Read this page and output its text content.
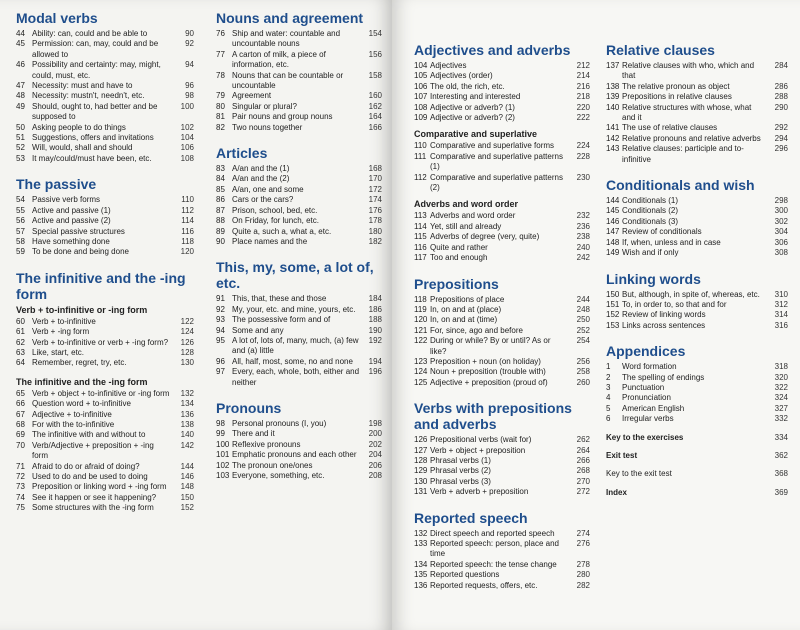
Modal verbs
44 Ability: can, could and be able to	90
45 Permission: can, may, could and be allowed to
92
46 Possibility and certainty: may, might, could, must, etc.
94
47 Necessity: must and have to	96
48 Necessity: mustn't, needn't, etc.	98
49 Should, ought to, had better and be supposed to
100
50 Asking people to do things	102
51 Suggestions, offers and invitations	104
52 Will, would, shall and should	106
53 It may/could/must have been, etc.	108
The passive
54 Passive verb forms	110
55 Active and passive (1)	112
56 Active and passive (2)	114
57 Special passive structures	116
58 Have something done	118
59 To be done and being done	120
The infinitive and the -ing form
Verb + to-infinitive or -ing form
60 Verb + to-infinitive	122
61 Verb + -ing form	124
62 Verb + to-infinitive or verb + -ing form?	126
63 Like, start, etc.	128
64 Remember, regret, try, etc.	130
The infinitive and the -ing form
65 Verb + object + to-infinitive or -ing form	132
66 Question word + to-infinitive	134
67 Adjective + to-infinitive	136
68 For with the to-infinitive	138
69 The infinitive with and without to	140
70 Verb/Adjective + preposition + -ing form
142
71 Afraid to do or afraid of doing?	144
72 Used to do and be used to doing	146
73 Preposition or linking word + -ing form	148
74 See it happen or see it happening?	150
75 Some structures with the -ing form	152
Nouns and agreement
76 Ship and water: countable and uncountable nouns
154
77 A carton of milk, a piece of information, etc.
156
78 Nouns that can be countable or uncountable
158
79 Agreement	160
80 Singular or plural?	162
81 Pair nouns and group nouns	164
82 Two nouns together	166
Articles
83 A/an and the (1)	168
84 A/an and the (2)	170
85 A/an, one and some	172
86 Cars or the cars?	174
87 Prison, school, bed, etc.	176
88 On Friday, for lunch, etc.	178
89 Quite a, such a, what a, etc.	180
90 Place names and the	182
This, my, some, a lot of, etc.
91 This, that, these and those	184
92 My, your, etc. and mine, yours, etc.	186
93 The possessive form and of	188
94 Some and any	190
95 A lot of, lots of, many, much, (a) few and (a) little
192
96 All, half, most, some, no and none	194
97 Every, each, whole, both, either and neither
196
Pronouns
98 Personal pronouns (I, you)	198
99 There and it	200
100 Reflexive pronouns	202
101 Emphatic pronouns and each other	204
102 The pronoun one/ones	206
103 Everyone, something, etc.	208
Adjectives and adverbs
104 Adjectives	212
105 Adjectives (order)	214
106 The old, the rich, etc.	216
107 Interesting and interested	218
108 Adjective or adverb? (1)	220
109 Adjective or adverb? (2)	222
Comparative and superlative
110 Comparative and superlative forms	224
111 Comparative and superlative patterns (1)
228
112 Comparative and superlative patterns (2)
230
Adverbs and word order
113 Adverbs and word order	232
114 Yet, still and already	236
115 Adverbs of degree (very, quite)	238
116 Quite and rather	240
117 Too and enough	242
Prepositions
118 Prepositions of place	244
119 In, on and at (place)	248
120 In, on and at (time)	250
121 For, since, ago and before	252
122 During or while? By or until? As or like?
254
123 Preposition + noun (on holiday)	256
124 Noun + preposition (trouble with)	258
125 Adjective + preposition (proud of)	260
Verbs with prepositions and adverbs
126 Prepositional verbs (wait for)	262
127 Verb + object + preposition	264
128 Phrasal verbs (1)	266
129 Phrasal verbs (2)	268
130 Phrasal verbs (3)	270
131 Verb + adverb + preposition	272
Reported speech
132 Direct speech and reported speech	274
133 Reported speech: person, place and time
276
134 Reported speech: the tense change	278
135 Reported questions	280
136 Reported requests, offers, etc.	282
Relative clauses
137 Relative clauses with who, which and that
284
138 The relative pronoun as object	286
139 Prepositions in relative clauses	288
140 Relative structures with whose, what and it
290
141 The use of relative clauses	292
142 Relative pronouns and relative adverbs	294
143 Relative clauses: participle and to-infinitive
296
Conditionals and wish
144 Conditionals (1)	298
145 Conditionals (2)	300
146 Conditionals (3)	302
147 Review of conditionals	304
148 If, when, unless and in case	306
149 Wish and if only	308
Linking words
150 But, although, in spite of, whereas, etc.	310
151 To, in order to, so that and for	312
152 Review of linking words	314
153 Links across sentences	316
Appendices
1	Word formation	318
2	The spelling of endings	320
3	Punctuation	322
4	Pronunciation	324
5	American English	327
6	Irregular verbs	332
Key to the exercises	334
Exit test	362
Key to the exit test	368
Index	369
